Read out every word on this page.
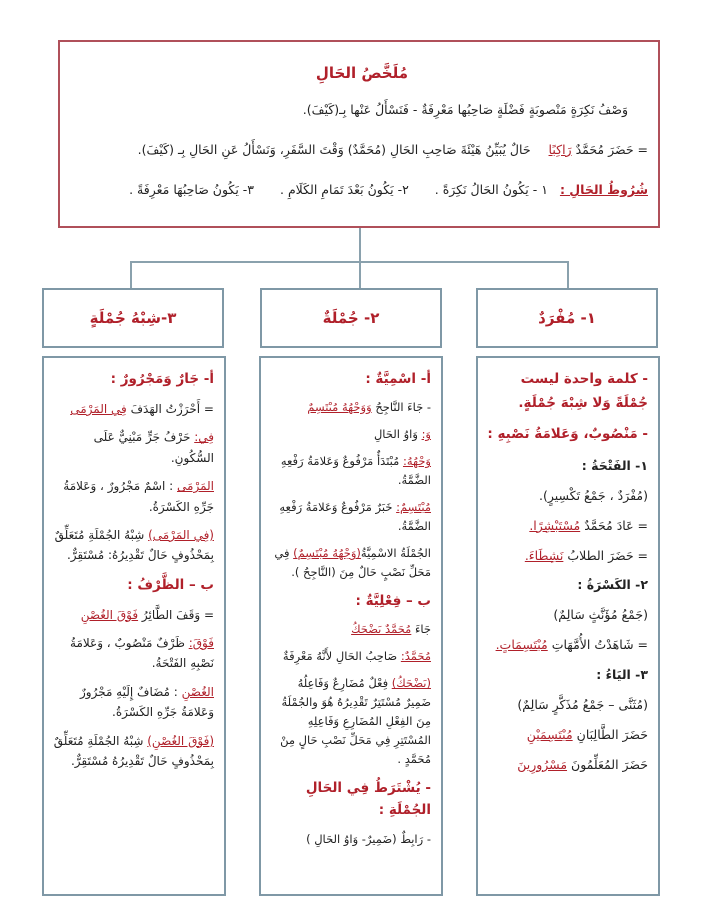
مُلَخَّصُ الحَالِ
وَصْفُ نَكِرَةٍ مَنْصوبَةٍ فَضْلَةٍ صَاحِبُها مَعْرِفَةٌ - فَنَسْأَلُ عَنْها بِـ(كَيْفَ).
= حَضَرَ مُحَمَّدٌ رَاكِبًا حَالٌ يُبَيِّنُ هَيْئَةَ صَاحِبِ الحَالِ (مُحَمَّدٌ) وَقْتَ السَّفَرِ، وَنَسْأَلُ عَنِ الحَالِ بِـ (كَيْفَ).
شُرُوطُ الحَالِ : ١ - يَكُونُ الحَالُ نَكِرَةً . ٢- يَكُونُ بَعْدَ تَمَامِ الكَلَامِ . ٣- يَكُونُ صَاحِبُهَا مَعْرِفَةً .
١- مُفْرَدٌ
٢- جُمْلَةٌ
٣-شِبْهُ جُمْلَةٍ

- كلمة واحدة ليست جُمْلَةً وَلا شِبْهَ جُمْلَةٍ.

- مَنْصُوبٌ، وَعَلامَةُ نَصْبِهِ :

١- الفَتْحَةُ :

(مُفْرَدٌ ، جَمْعُ تَكْسِيرٍ).

= عَادَ مُحَمَّدٌ مُسْتَبْشِرًا.

= حَضَرَ الطلابُ نَشِطَاءَ.

٢- الكَسْرَةُ :

(جَمْعُ مُؤَنَّثٍ سَالِمٌ)

= شَاهَدْتُ الأُمَّهَاتِ مُبْتَسِمَاتٍ.

٣- اليَاءُ :

(مُثَنَّى – جَمْعُ مُذَكَّرٍ سَالِمٌ)

حَضَرَ الطَّالِبَانِ مُبْتَسِمَيْنِ

حَضَرَ المُعَلِّمُونَ مَسْرُورِينَ

أ- اسْمِيَّةٌ :

- جَاءَ النَّاجِحُ وَوَجْهُهُ مُبْتَسِمٌ

وَ: وَاوُ الحَالِ

وَجْهُهُ: مُبْتَدَأٌ مَرْفُوعٌ وَعَلامَةُ رَفْعِهِ الضَّمَّةُ.

مُبْتَسِمٌ: خَبَرٌ مَرْفُوعٌ وَعَلامَةُ رَفْعِهِ الضَّمَّةُ.

الجُمْلَةُ الاسْمِيَّةُ(وَجْهُهُ مُبْتَسِمٌ) فِي مَحَلِّ نَصْبٍ حَالٌ مِنَ (النَّاجِحُ ).

ب – فِعْلِيَّةٌ :

جَاءَ مُحَمَّدٌ يَضْحَكُ

مُحَمَّدٌ: صَاحِبُ الحَالِ لأَنَّهُ مَعْرِفَةٌ

(يَضْحَكُ) فِعْلٌ مُضَارِعٌ وَفَاعِلُهُ ضَمِيرٌ مُسْتَتِرٌ تَقْدِيرُهُ هُوَ والجُمْلَةُ مِنَ الفِعْلِ المُضَارِعِ وَفَاعِلِهِ المُسْتَتِرِ فِي مَحَلِّ نَصْبِ حَالٍ مِنْ مُحَمَّدٍ .

- يُشْتَرَطُ فِي الحَالِ الجُمْلَةِ :

- رَابِطٌ (ضَمِيرٌ- وَاوُ الحَالِ )

أ- جَارٌ وَمَجْرُورٌ :

= أَحْرَزْتُ الهَدَفَ فِي المَرْمَى

فِي: حَرْفُ جَرٍّ مَبْنِيٌّ عَلَى السُّكُونِ.

المَرْمَى : اسْمٌ مَجْرُورٌ ، وَعَلامَةُ جَرِّهِ الكَسْرَةُ.

(فِي المَرْمَى) شِبْهُ الجُمْلَةِ مُتَعَلِّقٌ بِمَحْذُوفٍ حَالٌ تَقْدِيرُهُ: مُسْتَقِرٌّ.

ب – الظَّرْفُ :

= وَقَفَ الطَّائِرُ فَوْقَ الغُصْنِ

فَوْقَ: ظَرْفٌ مَنْصُوبٌ ، وَعَلامَةُ نَصْبِهِ الفَتْحَةُ.

الغُصْنِ : مُضَافٌ إِلَيْهِ مَجْرُورٌ وَعَلامَةُ جَرِّهِ الكَسْرَةُ.

(فَوْقَ الغُصْنِ) شِبْهُ الجُمْلَةِ مُتَعَلِّقٌ بِمَحْذُوفٍ حَالٌ تَقْدِيرُهُ مُسْتَقِرٌّ.
